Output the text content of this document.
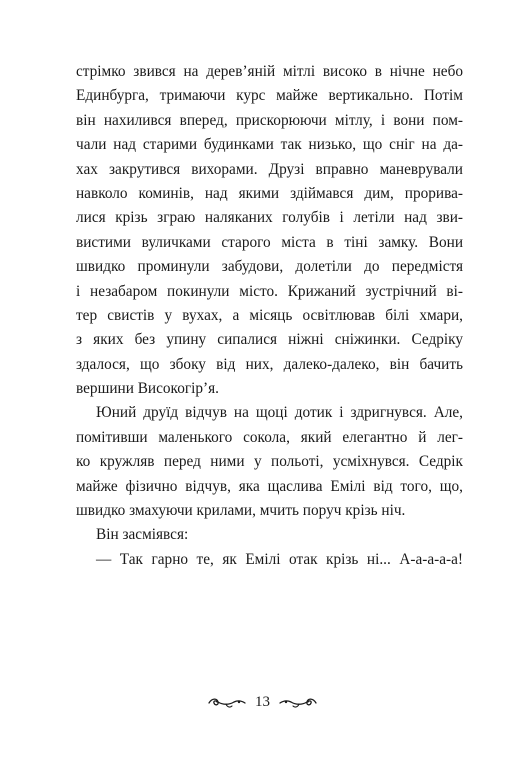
стрімко звився на дерев’яній мітлі високо в нічне небо
Единбурга, тримаючи курс майже вертикально. Потім
він нахилився вперед, прискорюючи мітлу, і вони пом-
чали над старими будинками так низько, що сніг на да-
хах закрутився вихорами. Друзі вправно маневрували
навколо коминів, над якими здіймався дим, прорива-
лися крізь зграю наляканих голубів і летіли над зви-
вистими вуличками старого міста в тіні замку. Вони
швидко проминули забудови, долетіли до передмістя
і незабаром покинули місто. Крижаний зустрічний ві-
тер свистів у вухах, а місяць освітлював білі хмари,
з яких без упину сипалися ніжні сніжинки. Седріку
здалося, що збоку від них, далеко-далеко, він бачить
вершини Високогір’я.
Юний друїд відчув на щоці дотик і здригнувся. Але,
помітивши маленького сокола, який елегантно й лег-
ко кружляв перед ними у польоті, усміхнувся. Седрік
майже фізично відчув, яка щаслива Емілі від того, що,
швидко змахуючи крилами, мчить поруч крізь ніч.
Він засміявся:
— Так гарно те, як Емілі отак крізь ні... А-а-а-а-а!
13
